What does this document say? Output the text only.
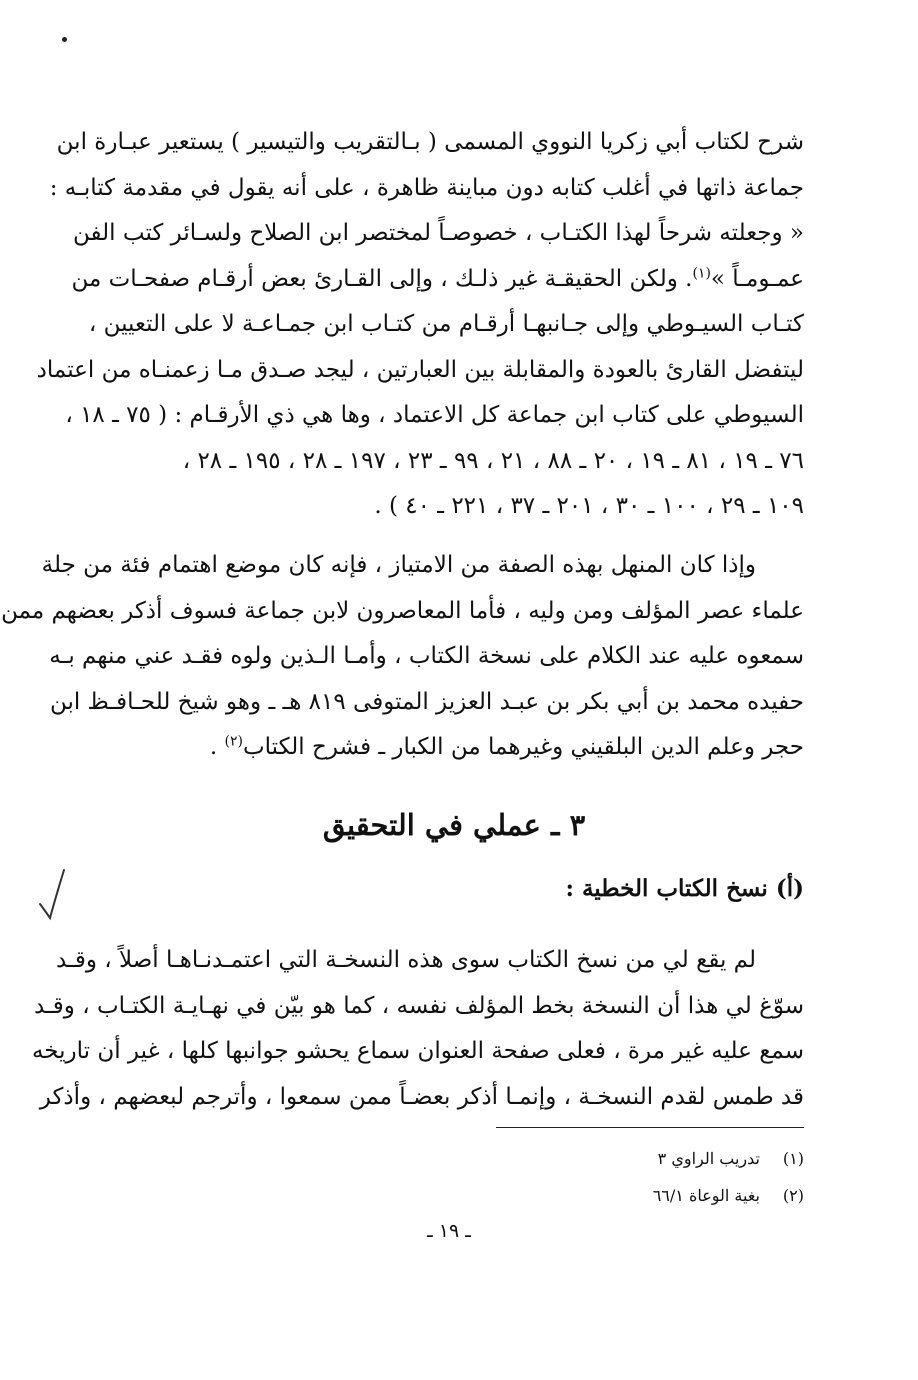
شرح لكتاب أبي زكريا النووي المسمى ( بـالتقريب والتيسير ) يستعير عبـارة ابن
جماعة ذاتها في أغلب كتابه دون مباينة ظاهرة ، على أنه يقول في مقدمة كتابـه :
« وجعلته شرحاً لهذا الكتـاب ، خصوصـاً لمختصر ابن الصلاح ولسـائر كتب الفن
عمـومـاً »$^{(١)}$. ولكن الحقيقـة غير ذلـك ، وإلى القـارئ بعض أرقـام صفحـات من
كتـاب السيـوطي وإلى جـانبهـا أرقـام من كتـاب ابن جمـاعـة لا على التعيين ،
ليتفضل القارئ بالعودة والمقابلة بين العبارتين ، ليجد صـدق مـا زعمنـاه من اعتماد
السيوطي على كتاب ابن جماعة كل الاعتماد ، وها هي ذي الأرقـام : ( ٧٥ ـ ١٨ ،
٧٦ ـ ١٩ ، ٨١ ـ ١٩ ، ٢٠ ـ ٨٨ ، ٢١ ، ٩٩ ـ ٢٣ ، ١٩٧ ـ ٢٨ ، ١٩٥ ـ ٢٨ ،
١٠٩ ـ ٢٩ ، ١٠٠ ـ ٣٠ ، ٢٠١ ـ ٣٧ ، ٢٢١ ـ ٤٠ ) .
وإذا كان المنهل بهذه الصفة من الامتياز ، فإنه كان موضع اهتمام فئة من جلة
علماء عصر المؤلف ومن وليه ، فأما المعاصرون لابن جماعة فسوف أذكر بعضهم ممن
سمعوه عليه عند الكلام على نسخة الكتاب ، وأمـا الـذين ولوه فقـد عني منهم بـه
حفيده محمد بن أبي بكر بن عبـد العزيز المتوفى ٨١٩ هـ ـ وهو شيخ للحـافـظ ابن
حجر وعلم الدين البلقيني وغيرهما من الكبار ـ فشرح الكتاب$^{(٢)}$ .
٣ ـ عملي في التحقيق
(أ) نسخ الكتاب الخطية :
لم يقع لي من نسخ الكتاب سوى هذه النسخـة التي اعتمـدنـاهـا أصلاً ، وقـد
سوّغ لي هذا أن النسخة بخط المؤلف نفسه ، كما هو بيّن في نهـايـة الكتـاب ، وقـد
سمع عليه غير مرة ، فعلى صفحة العنوان سماع يحشو جوانبها كلها ، غير أن تاريخه
قد طمس لقدم النسخـة ، وإنمـا أذكر بعضـاً ممن سمعوا ، وأترجم لبعضهم ، وأذكر
(١)تدريب الراوي ٣
(٢)بغية الوعاة ٦٦/١
ـ ١٩ ـ
